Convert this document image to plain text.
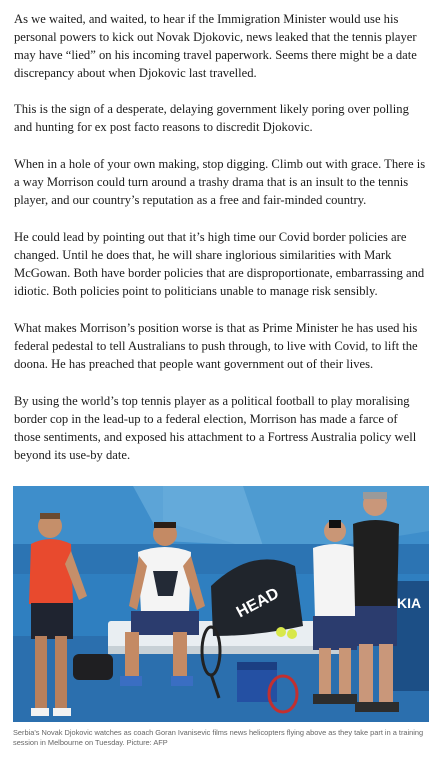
As we waited, and waited, to hear if the Immigration Minister would use his personal powers to kick out Novak Djokovic, news leaked that the tennis player may have “lied” on his incoming travel paperwork. Seems there might be a date discrepancy about when Djokovic last travelled.

This is the sign of a desperate, delaying government likely poring over polling and hunting for ex post facto reasons to discredit Djokovic.

When in a hole of your own making, stop digging. Climb out with grace. There is a way Morrison could turn around a trashy drama that is an insult to the tennis player, and our country’s reputation as a free and fair-minded country.

He could lead by pointing out that it’s high time our Covid border policies are changed. Until he does that, he will share inglorious similarities with Mark McGowan. Both have border policies that are disproportionate, embarrassing and idiotic. Both policies point to politicians unable to manage risk sensibly.

What makes Morrison’s position worse is that as Prime Minister he has used his federal pedestal to tell Australians to push through, to live with Covid, to lift the doona. He has preached that people want government out of their lives.

By using the world’s top tennis player as a political football to play moralising border cop in the lead-up to a federal election, Morrison has made a farce of those sentiments, and exposed his attachment to a Fortress Australia policy well beyond its use-by date.

KIA
HEAD

Serbia's Novak Djokovic watches as coach Goran Ivanisevic films news helicopters flying above as they take part in a training session in Melbourne on Tuesday. Picture: AFP
